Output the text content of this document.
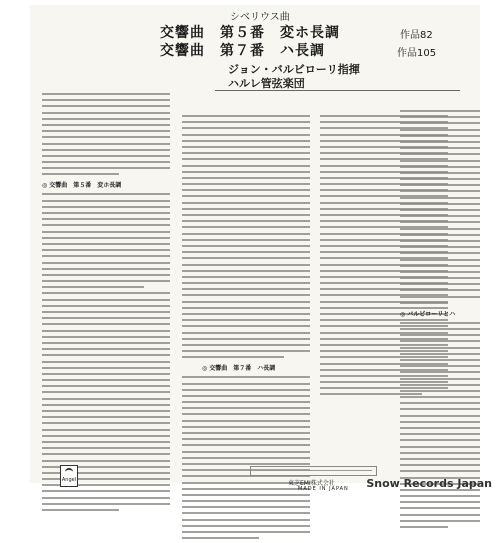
シベリウス曲
交響曲　第５番　変ホ長調	作品82
交響曲　第７番　ハ長調	作品105
ジョン・バルビローリ指揮
ハルレ管弦楽団
◎ 交響曲　第５番　変ホ長調
◎ 交響曲　第７番　ハ長調
◎ バルビローリとハ
Angel	東芝EMI株式会社
MADE IN JAPAN Snow Records Japan
